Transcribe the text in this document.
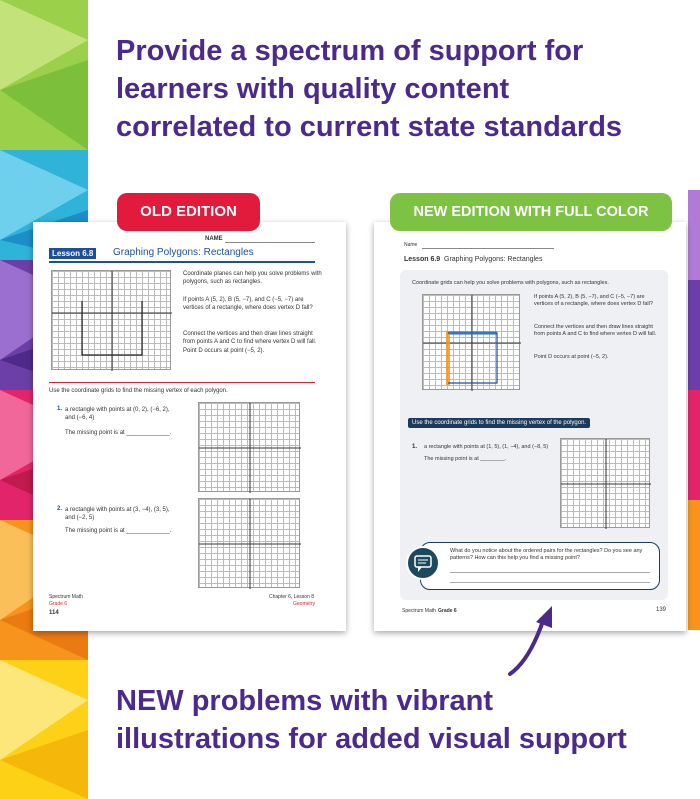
Provide a spectrum of support for
learners with quality content
correlated to current state standards
NAME
Lesson 6.8	Graphing Polygons: Rectangles
Coordinate planes can help you solve problems with polygons, such as rectangles.
If points A (5, 2), B (5, −7), and C (−5, −7) are vertices of a rectangle, where does vertex D fall?
Connect the vertices and then draw lines straight from points A and C to find where vertex D will fall.
Point D occurs at point (−5, 2).
Use the coordinate grids to find the missing vertex of each polygon.
1. a rectangle with points at (0, 2), (−6, 2), and (−6, 4)
The missing point is at _____________.
2. a rectangle with points at (3, −4), (3, 5), and (−2, 5)
The missing point is at _____________.
Spectrum Math
Grade 6
114
Chapter 6, Lesson 8
Geometry
Name
Lesson 6.9 Graphing Polygons: Rectangles
Coordinate grids can help you solve problems with polygons, such as rectangles.
If points A (5, 2), B (5, −7), and C (−5, −7) are vertices of a rectangle, where does vertex D fall?
Connect the vertices and then draw lines straight from points A and C to find where vertex D will fall.
Point D occurs at point (−5, 2).
Use the coordinate grids to find the missing vertex of the polygon.
1. a rectangle with points at (1, 5), (1, −4), and (−8, 5)
The missing point is at ________.
What do you notice about the ordered pairs for the rectangles? Do you see any patterns? How can this help you find a missing point?
Spectrum Math Grade 6	139
OLD EDITION	NEW EDITION WITH FULL COLOR
NEW problems with vibrant
illustrations for added visual support
